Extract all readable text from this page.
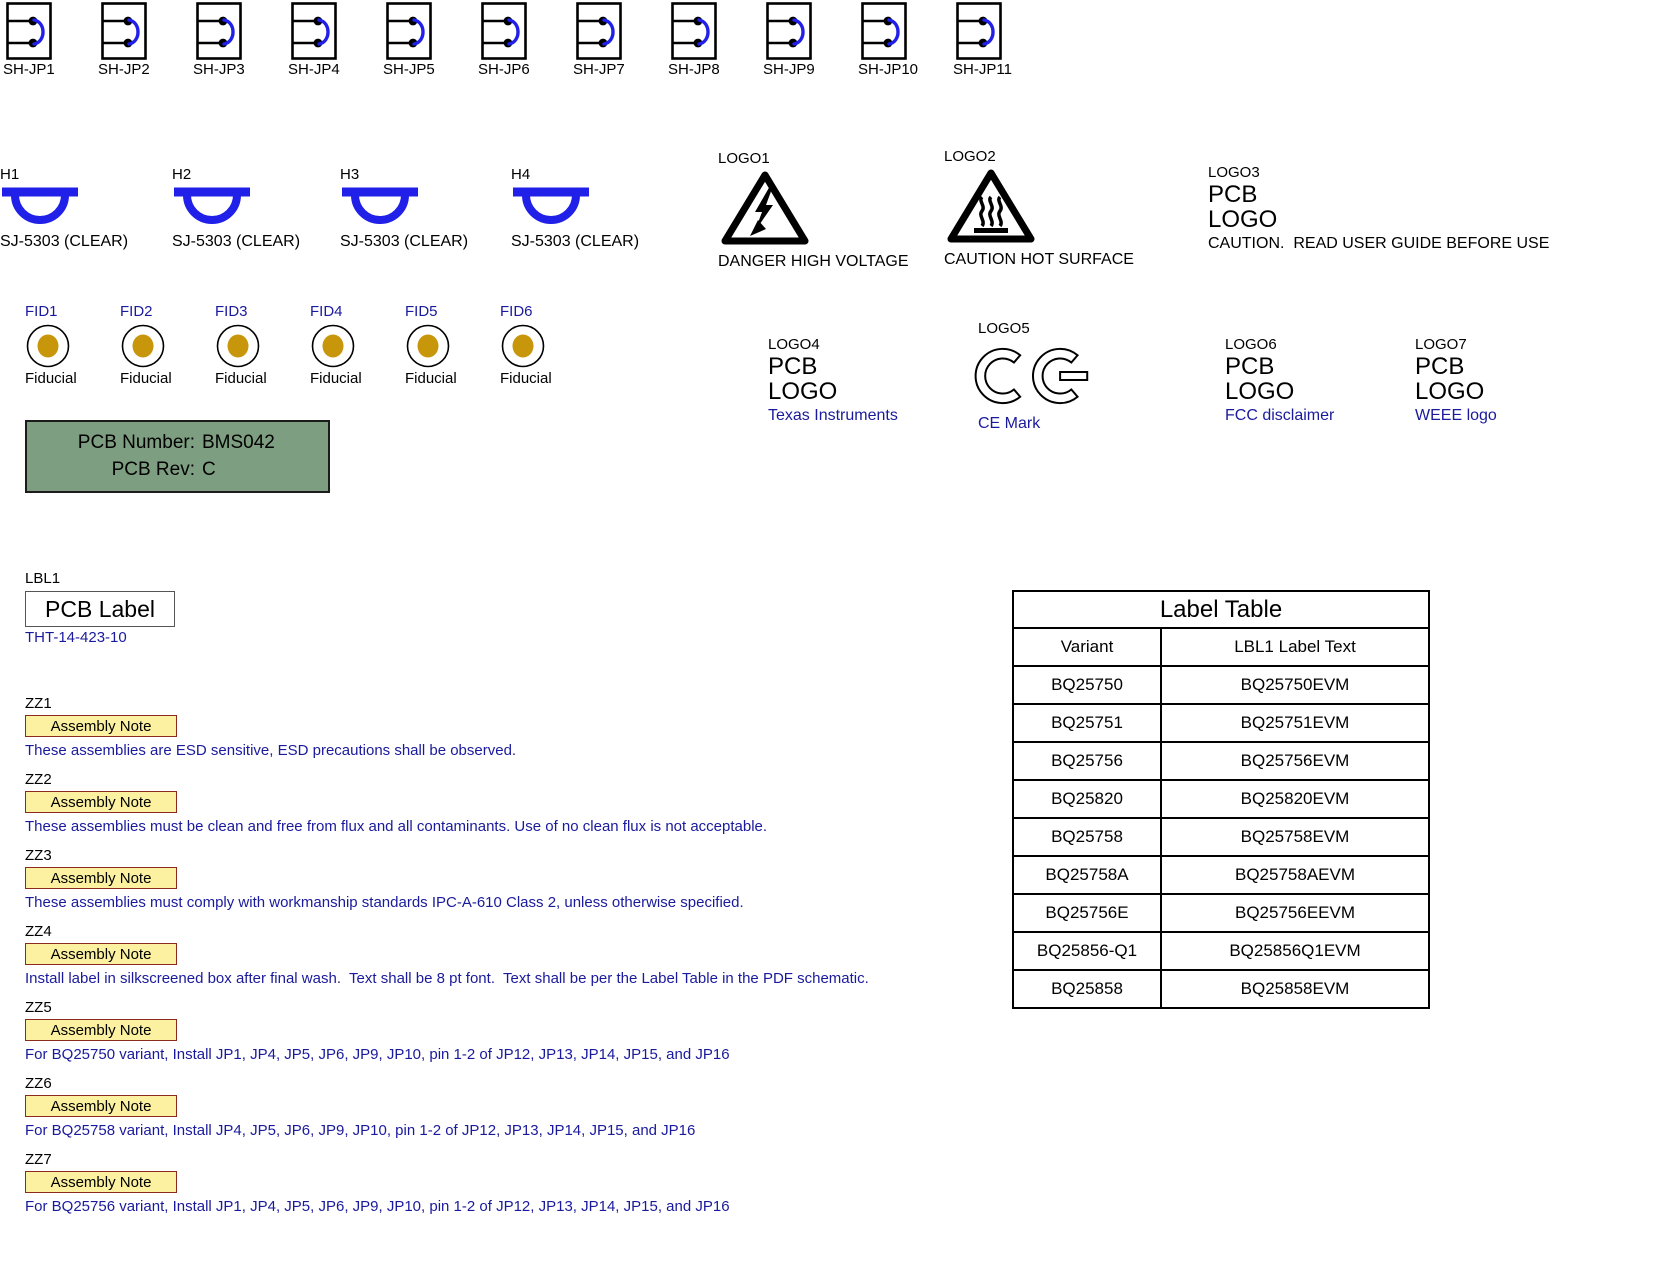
SH-JP1	SH-JP2	SH-JP3	SH-JP4	SH-JP5	SH-JP6	SH-JP7	SH-JP8	SH-JP9	SH-JP10	SH-JP11
H1
SJ-5303 (CLEAR)
H2
SJ-5303 (CLEAR)
H3
SJ-5303 (CLEAR)
H4
SJ-5303 (CLEAR)
LOGO1
DANGER HIGH VOLTAGE
LOGO2
CAUTION HOT SURFACE
LOGO3
PCB
LOGO
CAUTION.  READ USER GUIDE BEFORE USE
FID1
Fiducial
FID2
Fiducial
FID3
Fiducial
FID4
Fiducial
FID5
Fiducial
FID6
Fiducial
LOGO4
PCB
LOGO
Texas Instruments
LOGO5
CE Mark
LOGO6
PCB
LOGO
FCC disclaimer
LOGO7
PCB
LOGO
WEEE logo
PCB Number: BMS042
PCB Rev: C
LBL1
PCB Label
THT-14-423-10
ZZ1
Assembly Note
These assemblies are ESD sensitive, ESD precautions shall be observed.
ZZ2
Assembly Note
These assemblies must be clean and free from flux and all contaminants. Use of no clean flux is not acceptable.
ZZ3
Assembly Note
These assemblies must comply with workmanship standards IPC-A-610 Class 2, unless otherwise specified.
ZZ4
Assembly Note
Install label in silkscreened box after final wash.  Text shall be 8 pt font.  Text shall be per the Label Table in the PDF schematic.
ZZ5
Assembly Note
For BQ25750 variant, Install JP1, JP4, JP5, JP6, JP9, JP10, pin 1-2 of JP12, JP13, JP14, JP15, and JP16
ZZ6
Assembly Note
For BQ25758 variant, Install JP4, JP5, JP6, JP9, JP10, pin 1-2 of JP12, JP13, JP14, JP15, and JP16
ZZ7
Assembly Note
For BQ25756 variant, Install JP1, JP4, JP5, JP6, JP9, JP10, pin 1-2 of JP12, JP13, JP14, JP15, and JP16
Label Table
Variant	LBL1 Label Text
BQ25750	BQ25750EVM
BQ25751	BQ25751EVM
BQ25756	BQ25756EVM
BQ25820	BQ25820EVM
BQ25758	BQ25758EVM
BQ25758A	BQ25758AEVM
BQ25756E	BQ25756EEVM
BQ25856-Q1	BQ25856Q1EVM
BQ25858	BQ25858EVM
